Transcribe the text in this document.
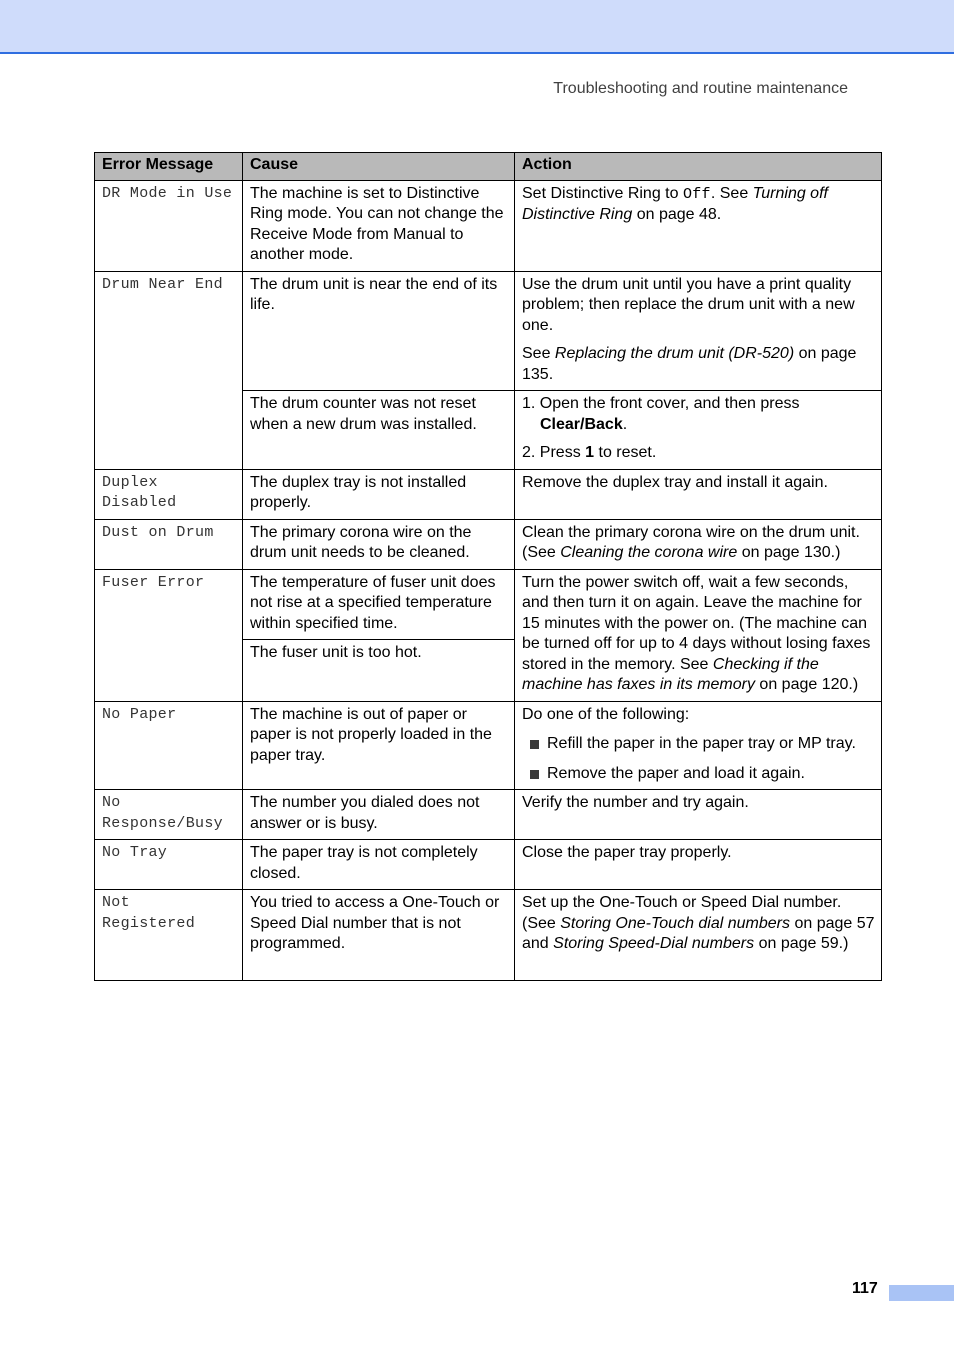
Troubleshooting and routine maintenance
Error Message	Cause	Action
DR Mode in Use	The machine is set to Distinctive Ring mode. You can not change the Receive Mode from Manual to another mode.	Set Distinctive Ring to Off. See Turning off Distinctive Ring on page 48.
Drum Near End	The drum unit is near the end of its life.	Use the drum unit until you have a print quality problem; then replace the drum unit with a new one.
See Replacing the drum unit (DR-520) on page 135.

	The drum counter was not reset when a new drum was installed.	1. Open the front cover, and then press
Clear/Back.
2. Press 1 to reset.

Duplex
Disabled	The duplex tray is not installed properly.	Remove the duplex tray and install it again.
Dust on Drum	The primary corona wire on the drum unit needs to be cleaned.	Clean the primary corona wire on the drum unit. (See Cleaning the corona wire on page 130.)
Fuser Error	The temperature of fuser unit does not rise at a specified temperature within specified time.	Turn the power switch off, wait a few seconds, and then turn it on again. Leave the machine for 15 minutes with the power on. (The machine can be turned off for up to 4 days without losing faxes stored in the memory. See Checking if the machine has faxes in its memory on page 120.)
	The fuser unit is too hot.	
No Paper	The machine is out of paper or paper is not properly loaded in the paper tray.	Do one of the following:
Refill the paper in the paper tray or MP tray.
Remove the paper and load it again.

No
Response/Busy	The number you dialed does not answer or is busy.	Verify the number and try again.
No Tray	The paper tray is not completely closed.	Close the paper tray properly.
Not
Registered	You tried to access a One-Touch or Speed Dial number that is not programmed.	Set up the One-Touch or Speed Dial number. (See Storing One-Touch dial numbers on page 57 and Storing Speed-Dial numbers on page 59.)
117
